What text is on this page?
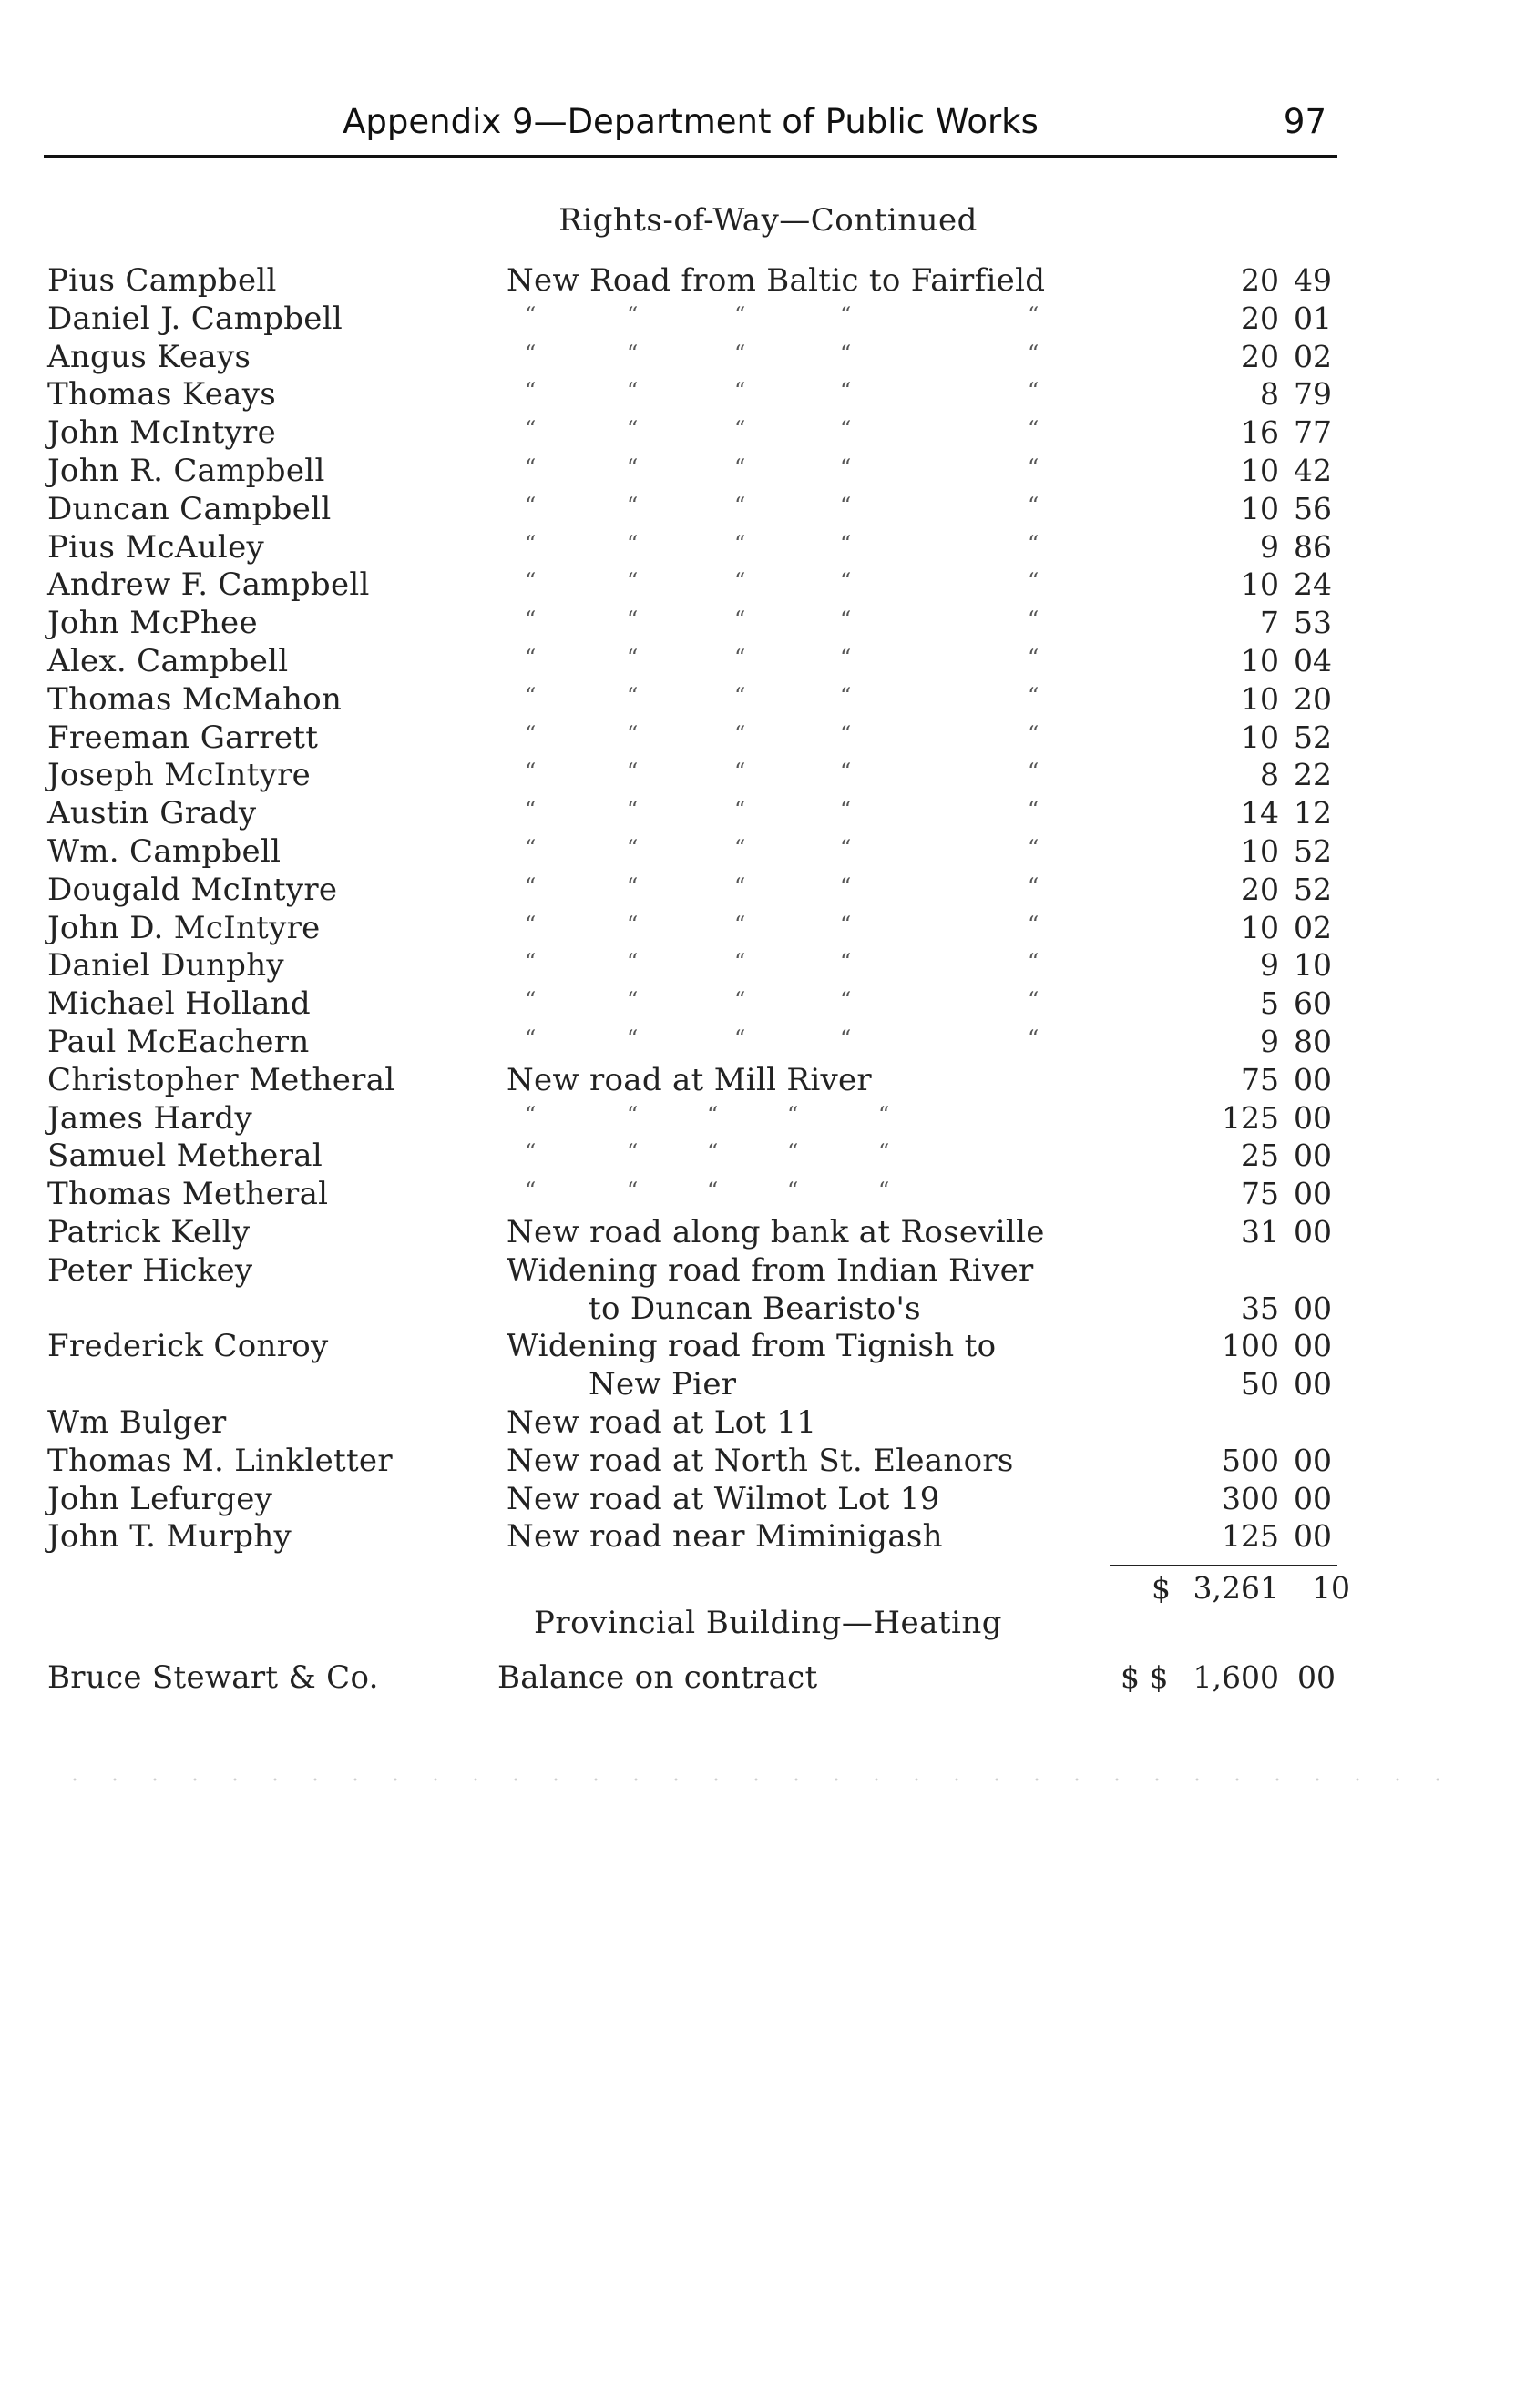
Appendix 9—Department of Public Works	97
Rights-of-Way—Continued
Pius Campbell	New Road from Baltic to Fairfield	20 49
Daniel J. Campbell	“	“	“	“	“	20 01
Angus Keays	“	“	“	“	“	20 02
Thomas Keays	“	“	“	“	“	8 79
John McIntyre	“	“	“	“	“	16 77
John R. Campbell	“	“	“	“	“	10 42
Duncan Campbell	“	“	“	“	“	10 56
Pius McAuley	“	“	“	“	“	9 86
Andrew F. Campbell	“	“	“	“	“	10 24
John McPhee	“	“	“	“	“	7 53
Alex. Campbell	“	“	“	“	“	10 04
Thomas McMahon	“	“	“	“	“	10 20
Freeman Garrett	“	“	“	“	“	10 52
Joseph McIntyre	“	“	“	“	“	8 22
Austin Grady	“	“	“	“	“	14 12
Wm. Campbell	“	“	“	“	“	10 52
Dougald McIntyre	“	“	“	“	“	20 52
John D. McIntyre	“	“	“	“	“	10 02
Daniel Dunphy	“	“	“	“	“	9 10
Michael Holland	“	“	“	“	“	5 60
Paul McEachern	“	“	“	“	“	9 80
Christopher Metheral	New road at Mill River	75 00
James Hardy	“	“	“	“	“	125 00
Samuel Metheral	“	“	“	“	“	25 00
Thomas Metheral	“	“	“	“	“	75 00
Patrick Kelly	New road along bank at Roseville	31 00
Peter Hickey	Widening road from Indian River
to Duncan Bearisto's	35 00
Frederick Conroy	Widening road from Tignish to	100 00
New Pier	50 00
Wm Bulger	New road at Lot 11
Thomas M. Linkletter	New road at North St. Eleanors	500 00
John Lefurgey	New road at Wilmot Lot 19	300 00
John T. Murphy	New road near Miminigash	125 00
$ 3,261 10
Provincial Building—Heating
Bruce Stewart & Co.	Balance on contract	$ $ 1,600 00
